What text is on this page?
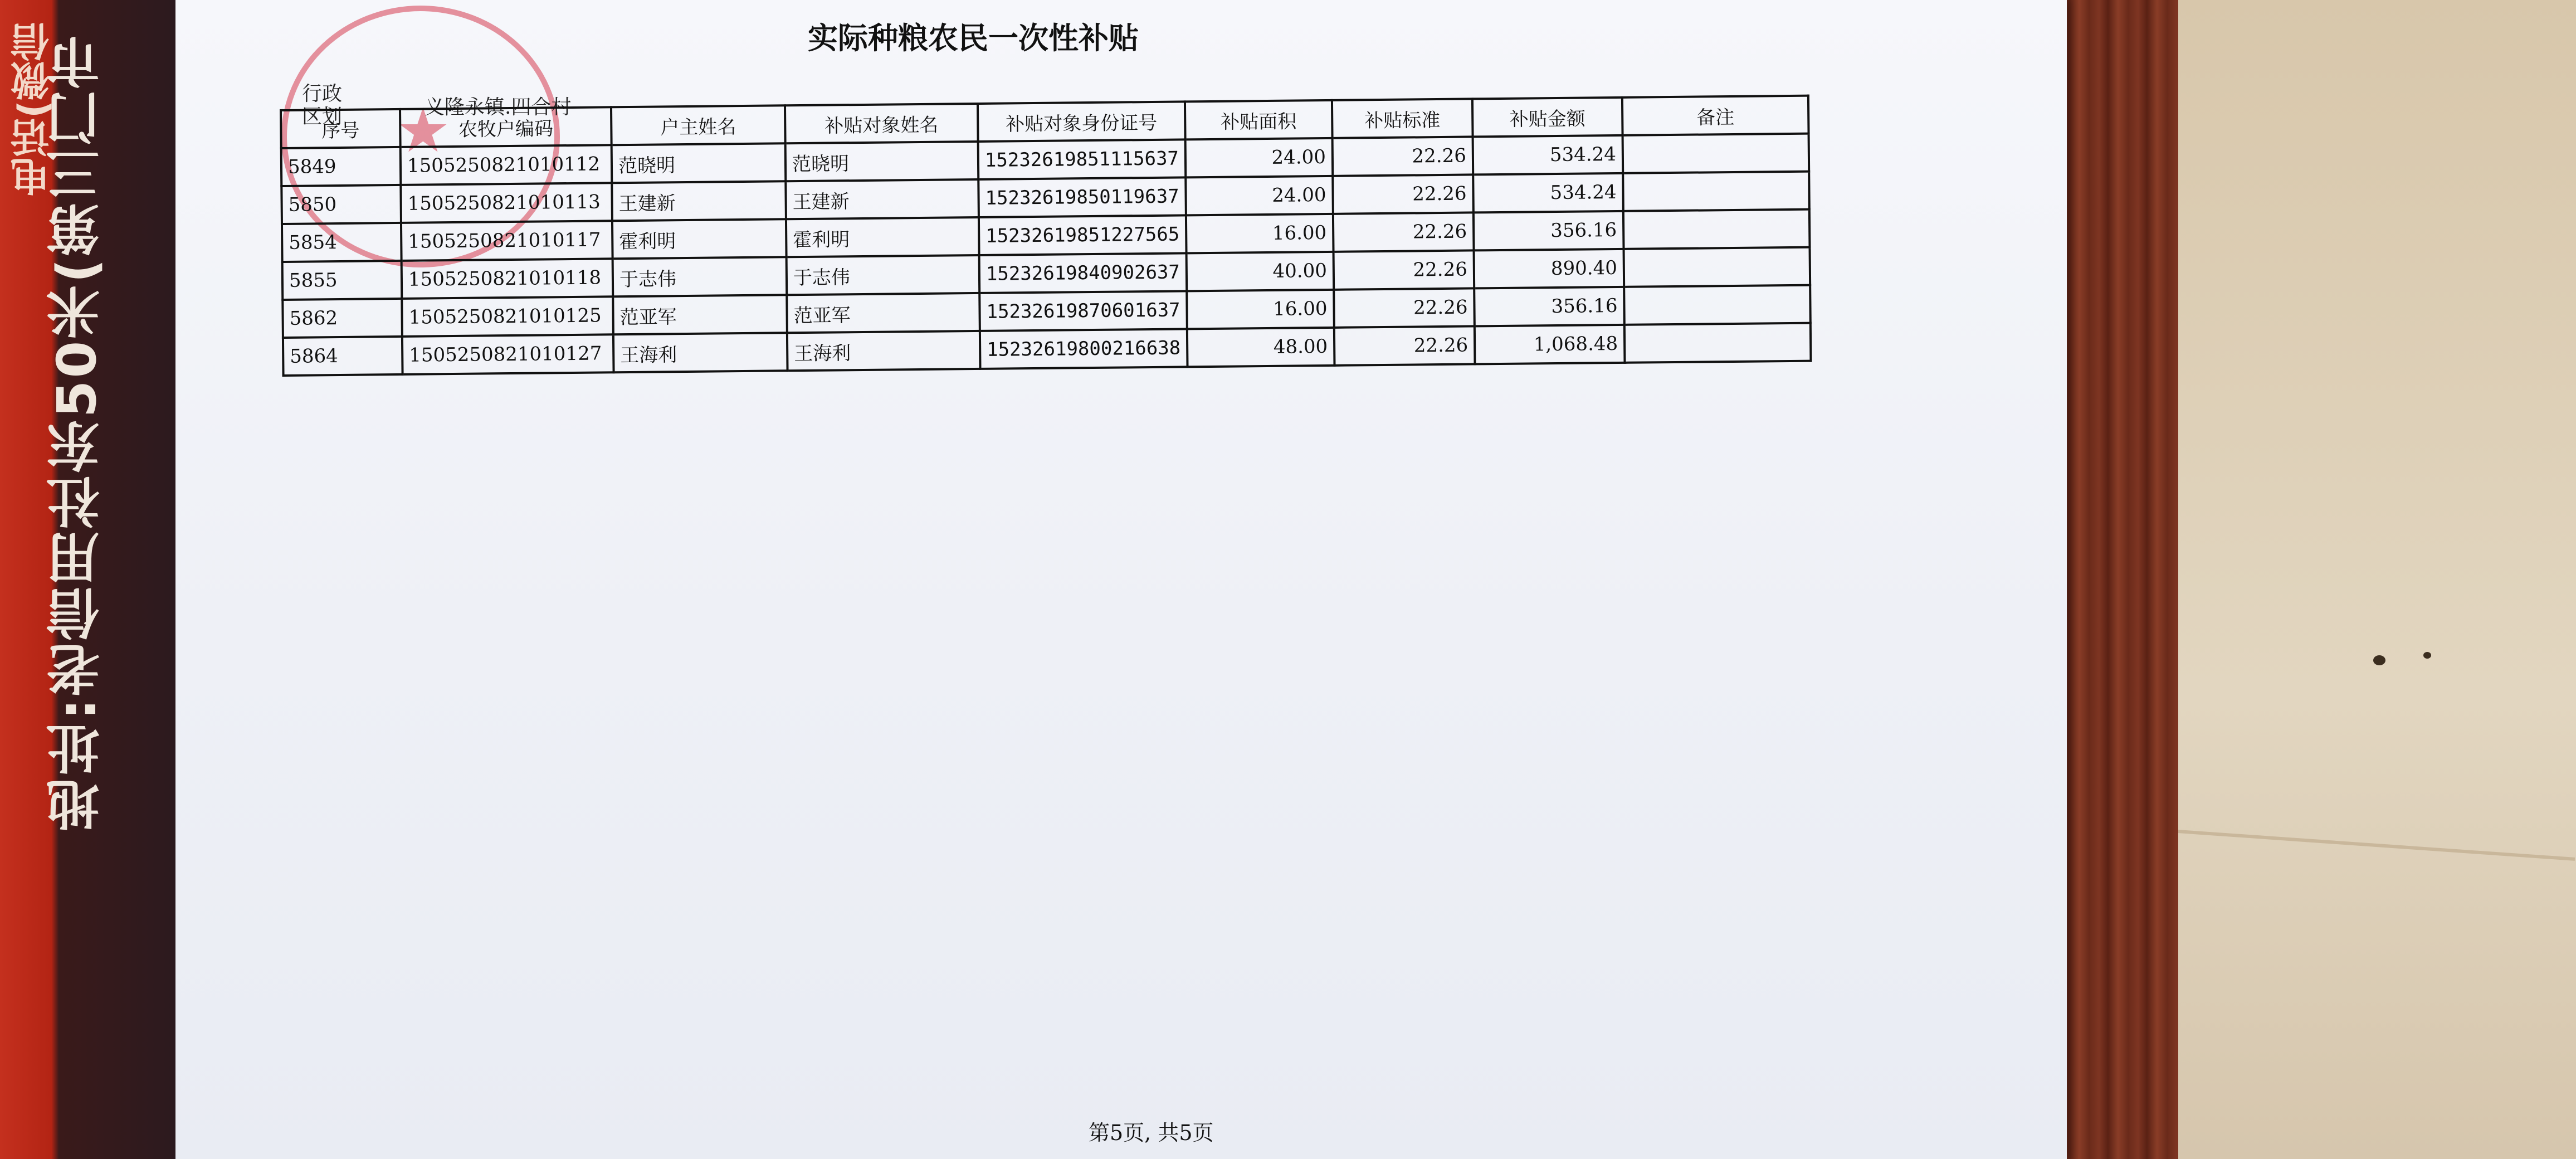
地址:老信用社东50米(第三门市
电话(微信	★
实际种粮农民一次性补贴
行政区划	义隆永镇.四合村
序号	农牧户编码	户主姓名	补贴对象姓名	补贴对象身份证号	补贴面积	补贴标准	补贴金额	备注
5849	1505250821010112	范晓明	范晓明	15232619851115637	24.00	22.26	534.24	
5850	1505250821010113	王建新	王建新	15232619850119637	24.00	22.26	534.24	
5854	1505250821010117	霍利明	霍利明	15232619851227565	16.00	22.26	356.16	
5855	1505250821010118	于志伟	于志伟	15232619840902637	40.00	22.26	890.40	
5862	1505250821010125	范亚军	范亚军	15232619870601637	16.00	22.26	356.16	
5864	1505250821010127	王海利	王海利	15232619800216638	48.00	22.26	1,068.48	
第5页, 共5页
